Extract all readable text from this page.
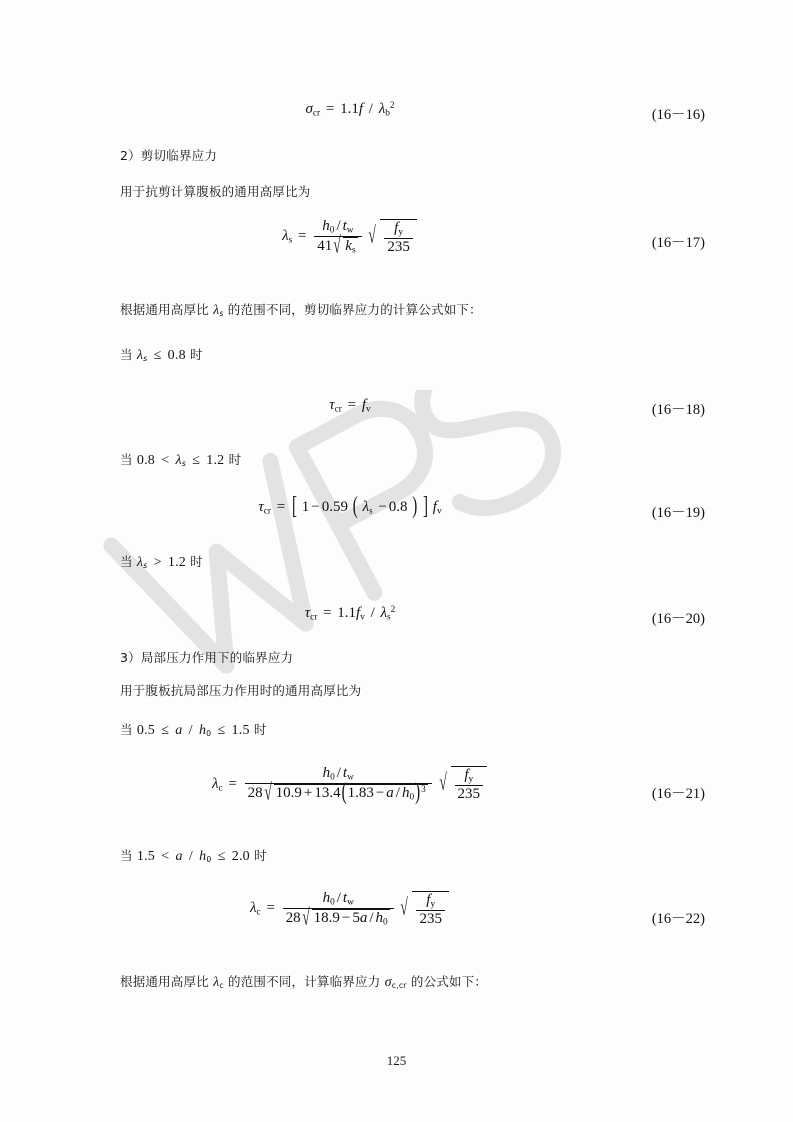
$\sigma_{cr} = 1.1f / \lambda_b^2$
(16－16)
2）剪切临界应力
用于抗剪计算腹板的通用高厚比为
$\lambda_s = \frac{h_0 / t_w}{41 √ k_s}$
√ $\frac{f_y}{235}$	(16－17)
根据通用高厚比 $\lambda_s$ 的范围不同，剪切临界应力的计算公式如下：
当 $\lambda_s \le 0.8$ 时
$\tau_{cr} = f_v$	(16－18)
当 $0.8 < \lambda_s \le 1.2$ 时
$\tau_{cr}$ = [ 1 − 0.59 ( $\lambda_s - 0.8$ ) ] $f_v$	(16－19)
当 $\lambda_s > 1.2$ 时
$\tau_{cr} = 1.1f_v / \lambda_s^2$
(16－20)
3）局部压力作用下的临界应力
用于腹板抗局部压力作用时的通用高厚比为
当 $0.5 \le a / h_0 \le 1.5$ 时
$\lambda_c = \frac{h_0 / t_w}{28 √ 10.9 + 13.4(1.83 - a / h_0)^3}$
√ $\frac{f_y}{235}$	(16－21)
当 $1.5 < a / h_0 \le 2.0$ 时
$\lambda_c = \frac{h_0 / t_w}{28 √ 18.9 - 5a / h_0}$
√ $\frac{f_y}{235}$	(16－22)
根据通用高厚比 $\lambda_c$ 的范围不同，计算临界应力 $\sigma_{c,cr}$ 的公式如下：
125
